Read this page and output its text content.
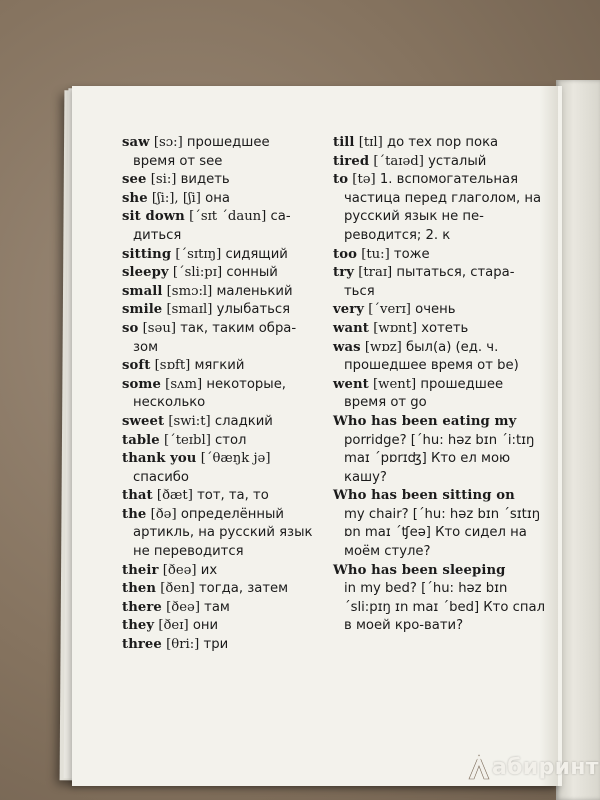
saw [sɔ:] прошедшее
время от see

see [si:] видеть

she [ʃi:], [ʃi] она

sit down [ˊsɪt ˊdaun] са-
диться

sitting [ˊsɪtɪŋ] сидящий

sleepy [ˊsli:pɪ] сонный

small [smɔ:l] маленький

smile [smaɪl] улыбаться

so [səu] так, таким обра-
зом

soft [sɒft] мягкий

some [sʌm] некоторые,
несколько

sweet [swi:t] сладкий

table [ˊteɪbl] стол

thank you [ˊθæŋk jə]
спасибо

that [ðæt] тот, та, то

the [ðə] определённый
артикль, на русский язык не переводится

their [ðeə] их

then [ðen] тогда, затем

there [ðeə] там

they [ðeɪ] они

three [θri:] три

till [tɪl] до тех пор пока

tired [ˊtaɪəd] усталый

to [tə] 1. вспомогательная
частица перед глаголом, на русский язык не пе-реводится; 2. к

too [tu:] тоже

try [traɪ] пытаться, стара-
ться

very [ˊverɪ] очень

want [wɒnt] хотеть

was [wɒz] был(а) (ед. ч.
прошедшее время от be)

went [went] прошедшее
время от go

Who has been eating my
porridge? [ˊhu: həz bɪn ˊi:tɪŋ maɪ ˊpɒrɪʤ] Кто ел мою кашу?

Who has been sitting on
my chair? [ˊhu: həz bɪn ˊsɪtɪŋ ɒn maɪ ˊʧeə] Кто сидел на моём стуле?

Who has been sleeping
in my bed? [ˊhu: həz bɪn ˊsli:pɪŋ ɪn maɪ ˊbed] Кто спал в моей кро-вати?

абиринт
